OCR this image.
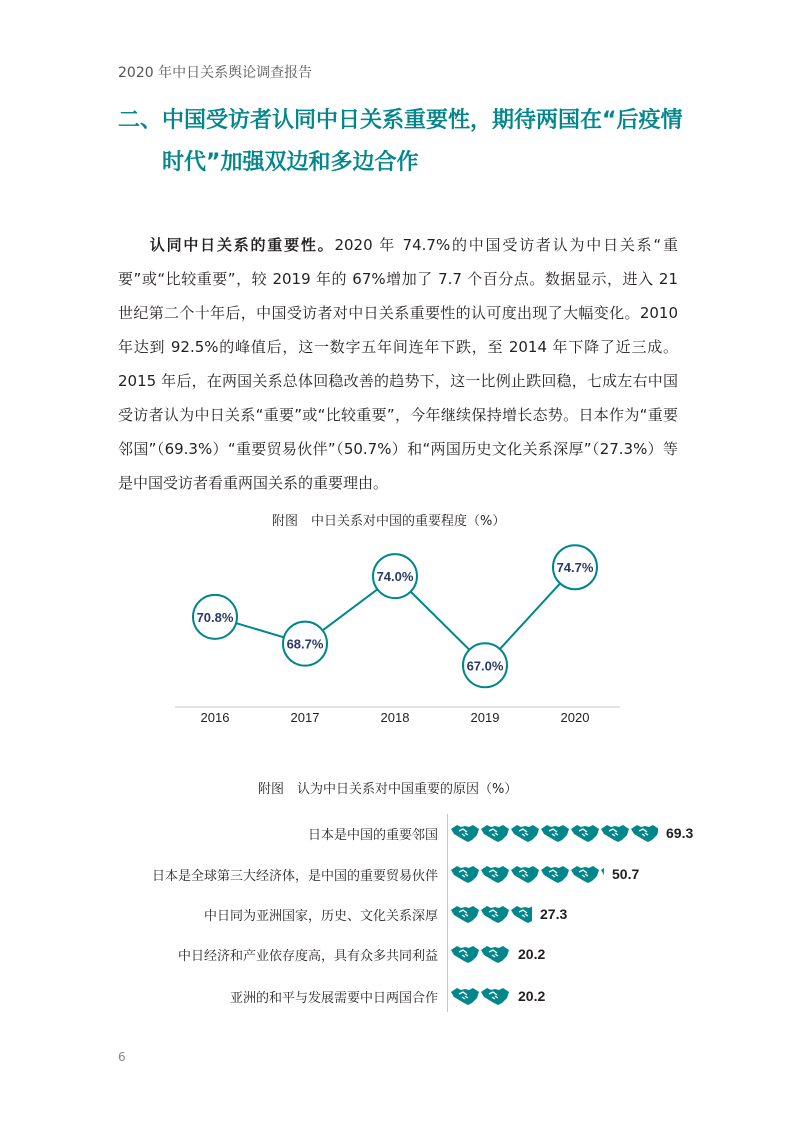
2020 年中日关系舆论调查报告
二、中国受访者认同中日关系重要性，期待两国在“后疫情
时代”加强双边和多边合作
认同中日关系的重要性。2020 年 74.7%的中国受访者认为中日关系“重要”或“比较重要”，较 2019 年的 67%增加了 7.7 个百分点。数据显示，进入 21 世纪第二个十年后，中国受访者对中日关系重要性的认可度出现了大幅变化。2010 年达到 92.5%的峰值后，这一数字五年间连年下跌，至 2014 年下降了近三成。2015 年后，在两国关系总体回稳改善的趋势下，这一比例止跌回稳，七成左右中国受访者认为中日关系“重要”或“比较重要”，今年继续保持增长态势。日本作为“重要邻国”（69.3%）“重要贸易伙伴”（50.7%）和“两国历史文化关系深厚”（27.3%）等是中国受访者看重两国关系的重要理由。
附图　中日关系对中国的重要程度（%）
70.8%
68.7%
74.0%
67.0%
74.7%
2016	2017	2018	2019	2020
附图　认为中日关系对中国重要的原因（%）
日本是中国的重要邻国	69.3
日本是全球第三大经济体，是中国的重要贸易伙伴	50.7
中日同为亚洲国家，历史、文化关系深厚	27.3
中日经济和产业依存度高，具有众多共同利益	20.2
亚洲的和平与发展需要中日两国合作	20.2
6
